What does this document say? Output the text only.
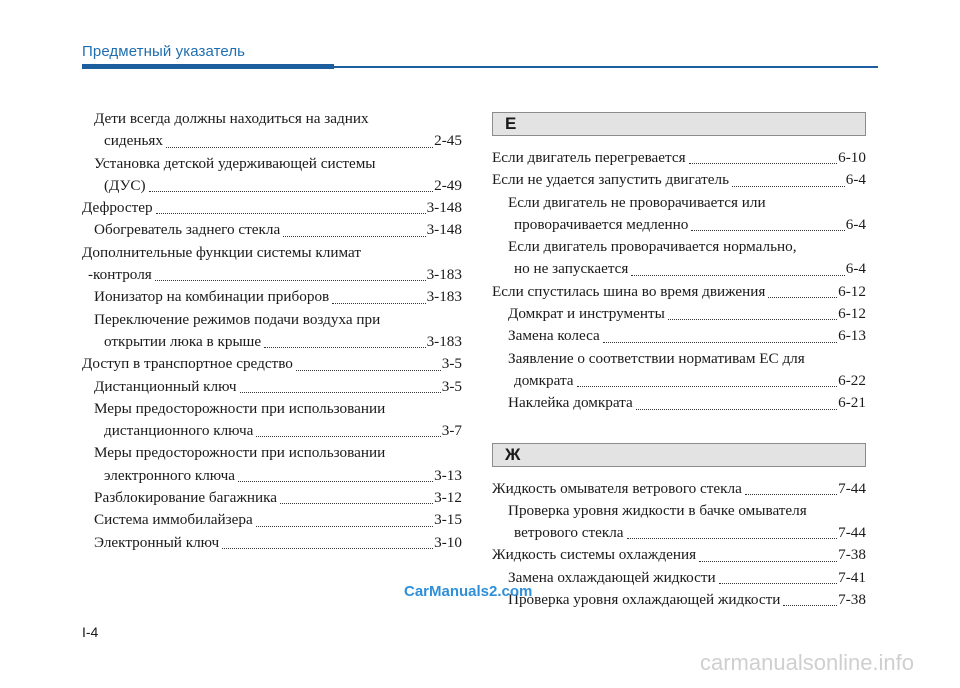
Предметный указатель
Дети всегда должны находиться на задних
сиденьях	2-45
Установка детской удерживающей системы
(ДУС)	2-49
Дефростер	3-148
Обогреватель заднего стекла	3-148
Дополнительные функции системы климат
-контроля	3-183
Ионизатор на комбинации приборов	3-183
Переключение режимов подачи воздуха при
открытии люка в крыше	3-183
Доступ в транспортное средство	3-5
Дистанционный ключ	3-5
Меры предосторожности при использовании
дистанционного ключа	3-7
Меры предосторожности при использовании
электронного ключа	3-13
Разблокирование багажника	3-12
Система иммобилайзера	3-15
Электронный ключ	3-10
Е
Если двигатель перегревается	6-10
Если не удается запустить двигатель	6-4
Если двигатель не проворачивается или
проворачивается медленно	6-4
Если двигатель проворачивается нормально,
но не запускается	6-4
Если спустилась шина во время движения	6-12
Домкрат и инструменты	6-12
Замена колеса	6-13
Заявление о соответствии нормативам ЕС для
домкрата	6-22
Наклейка домкрата	6-21
Ж
Жидкость омывателя ветрового стекла	7-44
Проверка уровня жидкости в бачке омывателя
ветрового стекла	7-44
Жидкость системы охлаждения	7-38
Замена охлаждающей жидкости	7-41
Проверка уровня охлаждающей жидкости	7-38
CarManuals2.com
I-4
carmanualsonline.info
